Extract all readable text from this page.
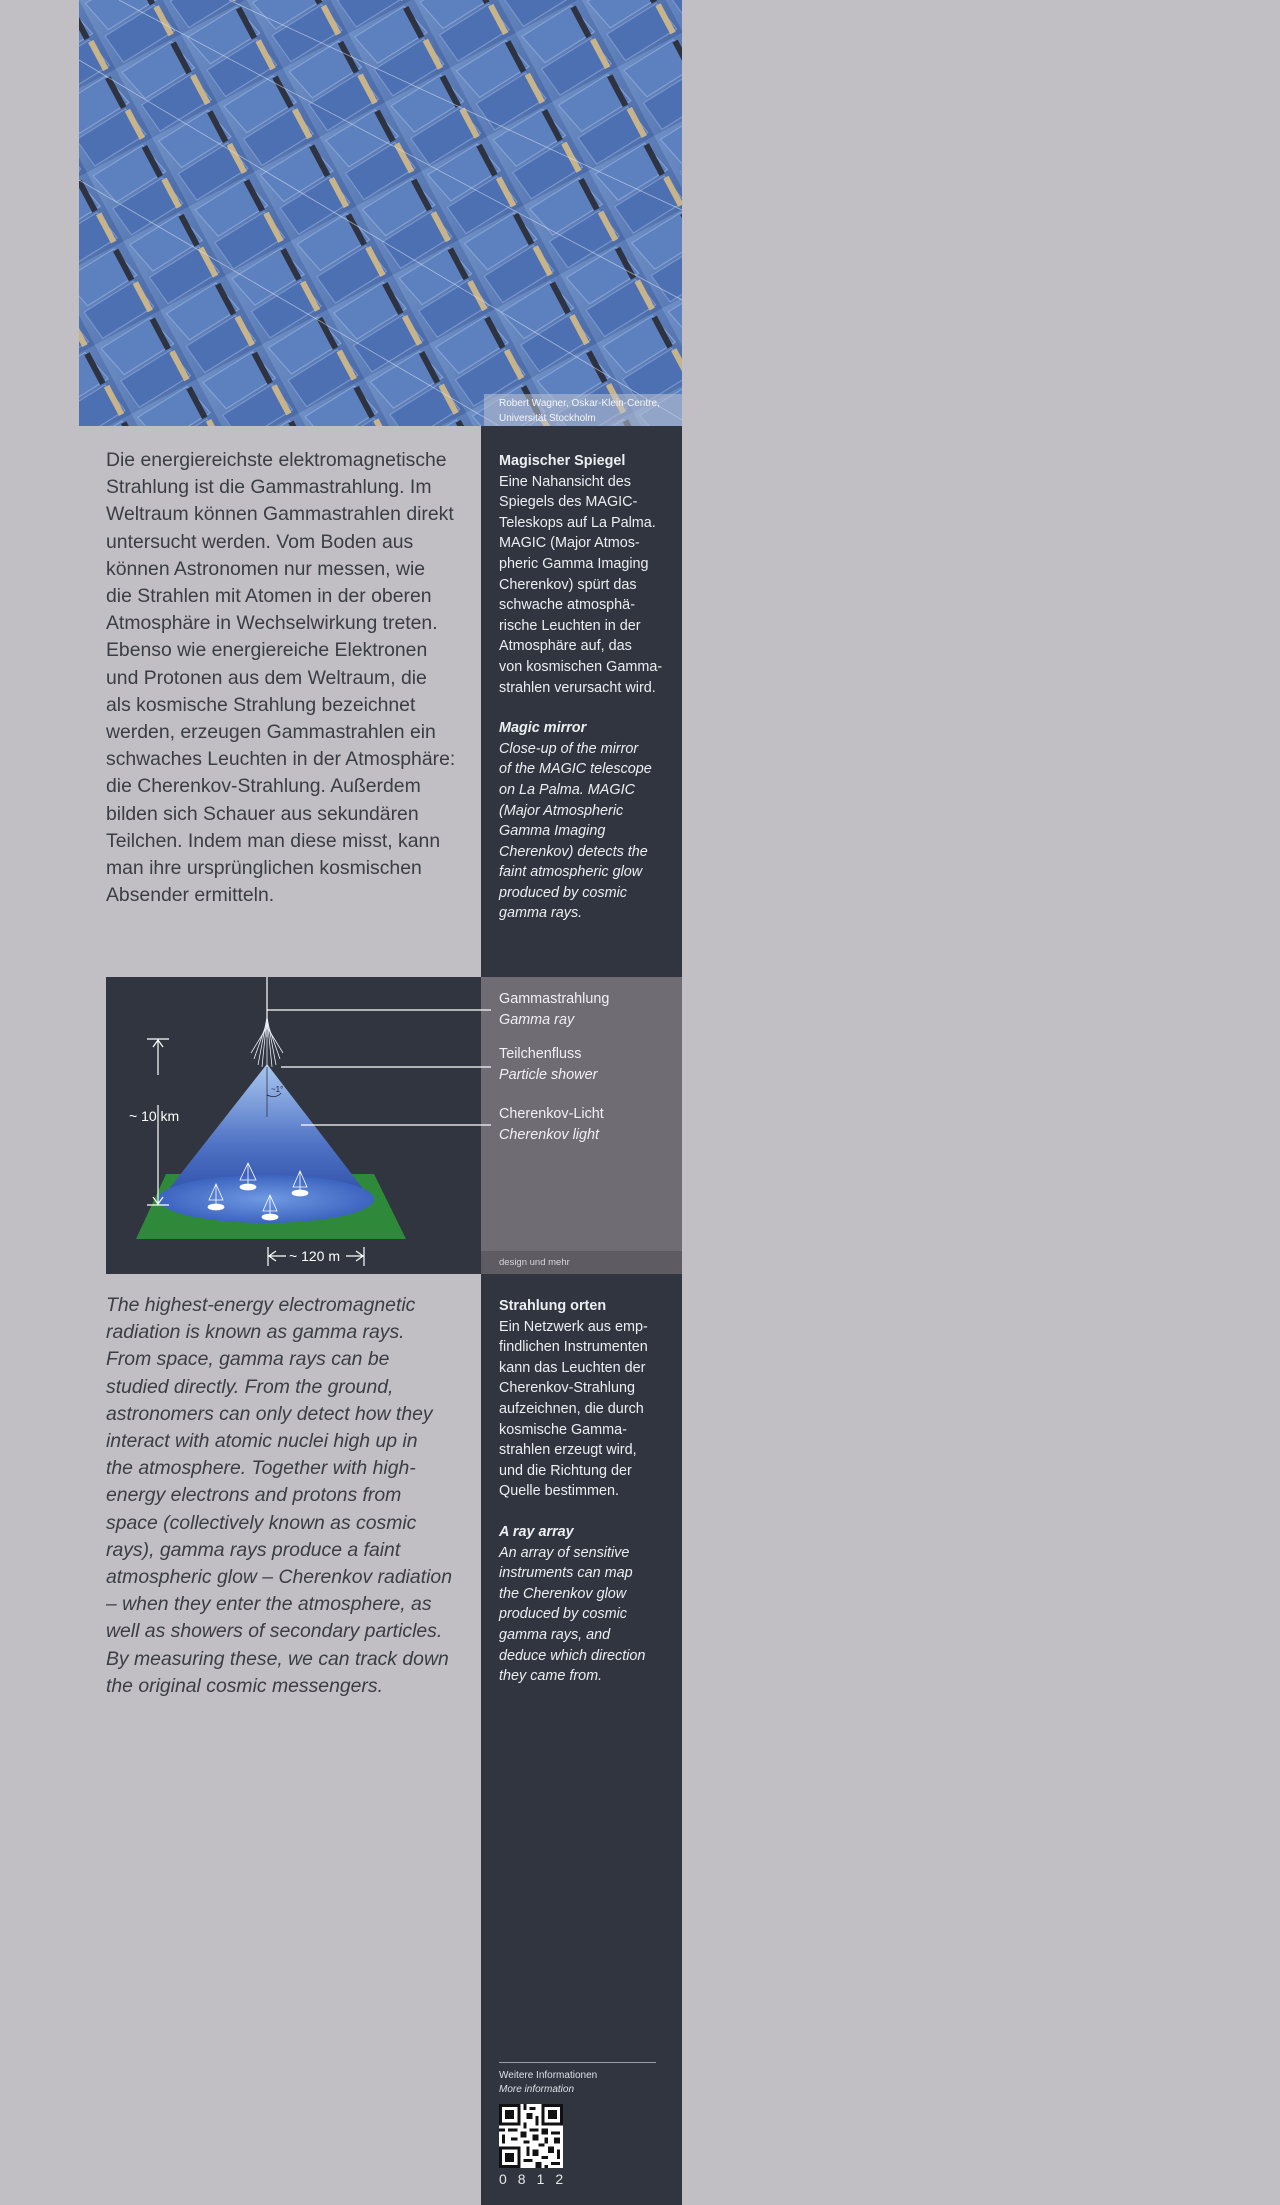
Robert Wagner, Oskar-Klein-Centre,
Universität Stockholm
Die energiereichste elektromagnetische
Strahlung ist die Gammastrahlung. Im
Weltraum können Gammastrahlen direkt
untersucht werden. Vom Boden aus
können Astronomen nur messen, wie
die Strahlen mit Atomen in der oberen
Atmosphäre in Wechselwirkung treten.
Ebenso wie energiereiche Elektronen
und Protonen aus dem Weltraum, die
als kosmische Strahlung bezeichnet
werden, erzeugen Gammastrahlen ein
schwaches Leuchten in der Atmosphäre:
die Cherenkov-Strahlung. Außerdem
bilden sich Schauer aus sekundären
Teilchen. Indem man diese misst, kann
man ihre ursprünglichen kosmischen
Absender ermitteln.
Magischer Spiegel
Eine Nahansicht des
Spiegels des MAGIC-
Teleskops auf La Palma.
MAGIC (Major Atmos-
pheric Gamma Imaging
Cherenkov) spürt das
schwache atmosphä-
rische Leuchten in der
Atmosphäre auf, das
von kosmischen Gamma-
strahlen verursacht wird.
Magic mirror
Close-up of the mirror
of the MAGIC telescope
on La Palma. MAGIC
(Major Atmospheric
Gamma Imaging
Cherenkov) detects the
faint atmospheric glow
produced by cosmic
gamma rays.
~1°
~ 10 km
~ 120 m
Gammastrahlung
Gamma ray
Teilchenfluss
Particle shower
Cherenkov-Licht
Cherenkov light
design und mehr
The highest-energy electromagnetic
radiation is known as gamma rays.
From space, gamma rays can be
studied directly. From the ground,
astronomers can only detect how they
interact with atomic nuclei high up in
the atmosphere. Together with high-
energy electrons and protons from
space (collectively known as cosmic
rays), gamma rays produce a faint
atmospheric glow – Cherenkov radiation
– when they enter the atmosphere, as
well as showers of secondary particles.
By measuring these, we can track down
the original cosmic messengers.
Strahlung orten
Ein Netzwerk aus emp-
findlichen Instrumenten
kann das Leuchten der
Cherenkov-Strahlung
aufzeichnen, die durch
kosmische Gamma-
strahlen erzeugt wird,
und die Richtung der
Quelle bestimmen.
A ray array
An array of sensitive
instruments can map
the Cherenkov glow
produced by cosmic
gamma rays, and
deduce which direction
they came from.
Weitere Informationen
More information
0812
